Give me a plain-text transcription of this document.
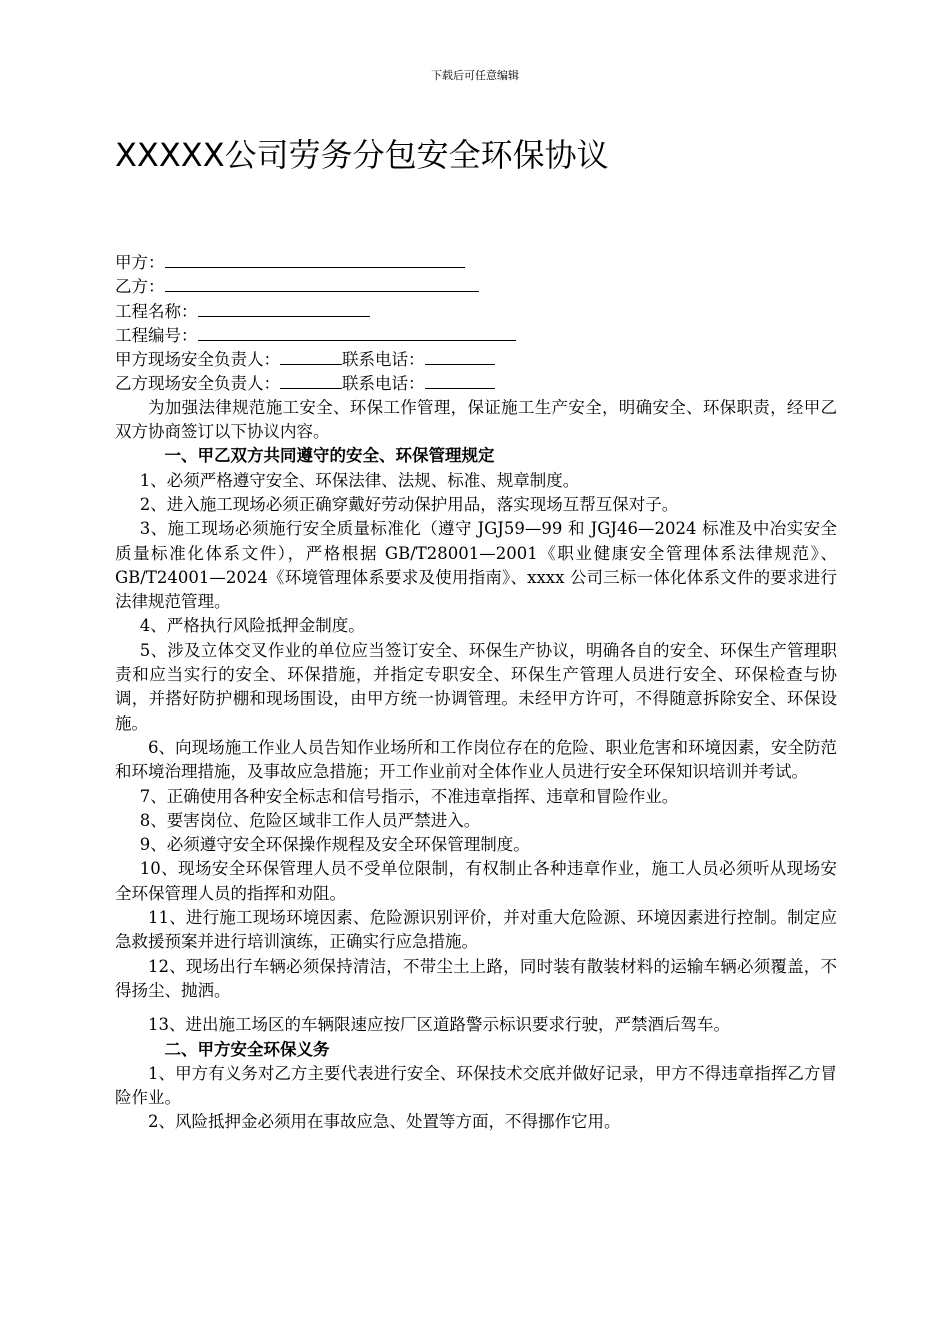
下载后可任意编辑
XXXXX公司劳务分包安全环保协议
甲方：
乙方：
工程名称：
工程编号：
甲方现场安全负责人：	联系电话：
乙方现场安全负责人：	联系电话：

为加强法律规范施工安全、环保工作管理，保证施工生产安全，明确安全、环保职责，经甲乙双方协商签订以下协议内容。

一、甲乙双方共同遵守的安全、环保管理规定

1、必须严格遵守安全、环保法律、法规、标准、规章制度。

2、进入施工现场必须正确穿戴好劳动保护用品，落实现场互帮互保对子。

3、施工现场必须施行安全质量标准化（遵守 JGJ59—99 和 JGJ46—2024 标准及中冶实安全质量标准化体系文件），严格根据 GB/T28001—2001《职业健康安全管理体系法律规范》、GB/T24001—2024《环境管理体系要求及使用指南》、xxxx 公司三标一体化体系文件的要求进行法律规范管理。

4、严格执行风险抵押金制度。

5、涉及立体交叉作业的单位应当签订安全、环保生产协议，明确各自的安全、环保生产管理职责和应当实行的安全、环保措施，并指定专职安全、环保生产管理人员进行安全、环保检查与协调，并搭好防护棚和现场围设，由甲方统一协调管理。未经甲方许可，不得随意拆除安全、环保设施。

6、向现场施工作业人员告知作业场所和工作岗位存在的危险、职业危害和环境因素，安全防范和环境治理措施，及事故应急措施；开工作业前对全体作业人员进行安全环保知识培训并考试。

7、正确使用各种安全标志和信号指示，不准违章指挥、违章和冒险作业。

8、要害岗位、危险区域非工作人员严禁进入。

9、必须遵守安全环保操作规程及安全环保管理制度。

10、现场安全环保管理人员不受单位限制，有权制止各种违章作业，施工人员必须听从现场安全环保管理人员的指挥和劝阻。

11、进行施工现场环境因素、危险源识别评价，并对重大危险源、环境因素进行控制。制定应急救援预案并进行培训演练，正确实行应急措施。

12、现场出行车辆必须保持清洁，不带尘土上路，同时装有散装材料的运输车辆必须覆盖，不得扬尘、抛洒。

13、进出施工场区的车辆限速应按厂区道路警示标识要求行驶，严禁酒后驾车。

二、甲方安全环保义务

1、甲方有义务对乙方主要代表进行安全、环保技术交底并做好记录，甲方不得违章指挥乙方冒险作业。

2、风险抵押金必须用在事故应急、处置等方面，不得挪作它用。
